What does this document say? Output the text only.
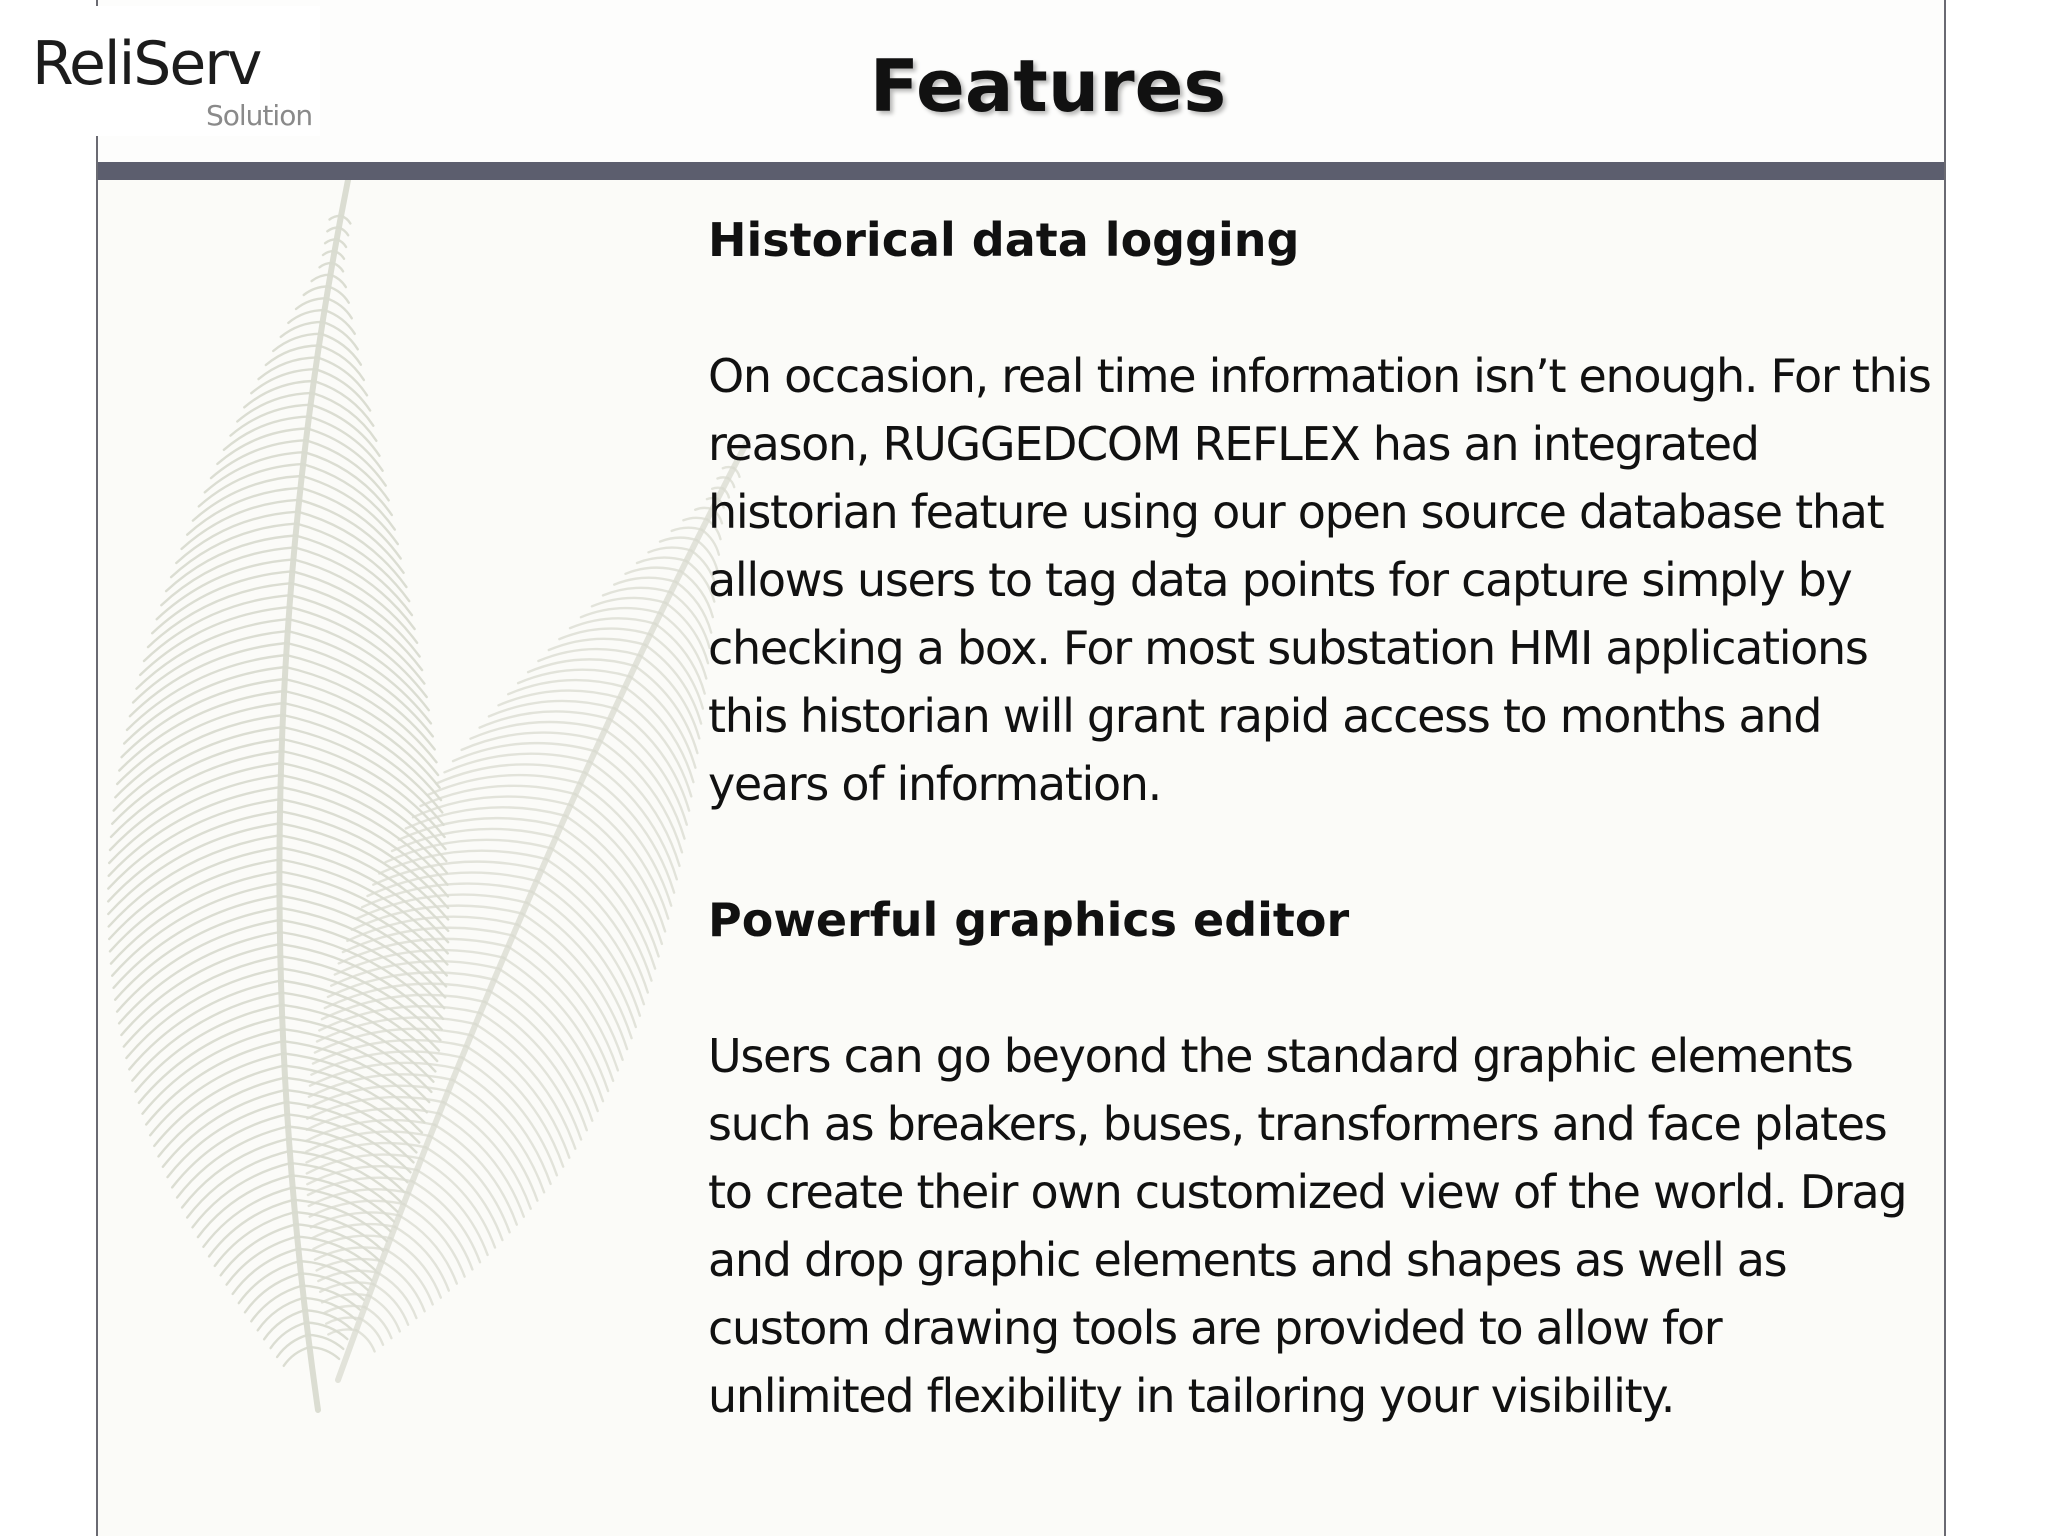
Features

Historical data logging

On occasion, real time information isn’t enough. For this reason, RUGGEDCOM REFLEX has an integrated historian feature using our open source database that allows users to tag data points for capture simply by checking a box. For most substation HMI applications this historian will grant rapid access to months and years of information.

Powerful graphics editor

Users can go beyond the standard graphic elements such as breakers, buses, transformers and face plates to create their own customized view of the world. Drag and drop graphic elements and shapes as well as custom drawing tools are provided to allow for unlimited flexibility in tailoring your visibility.

ReliServ
Solution
